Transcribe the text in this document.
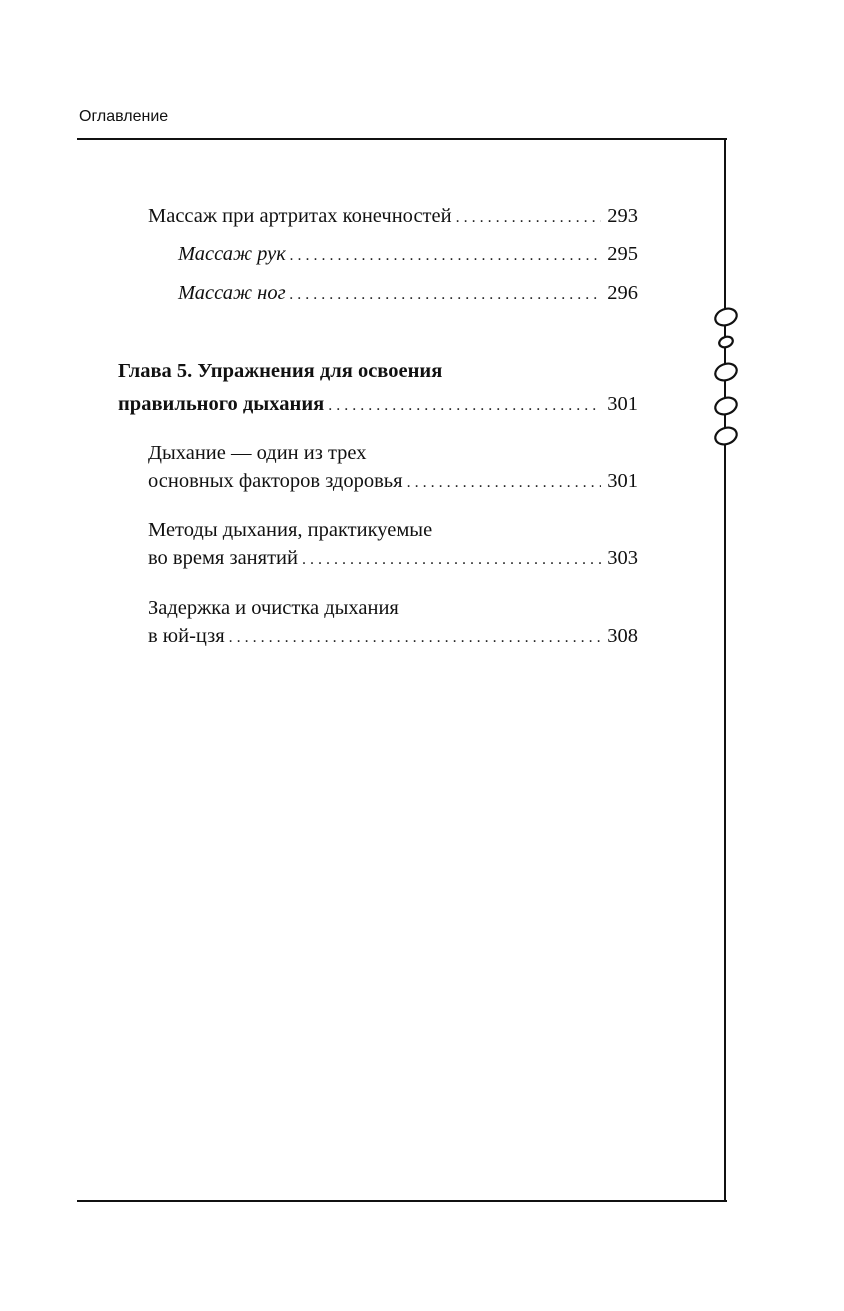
Оглавление
Массаж при артритах конечностей . . .	293
Массаж рук . . .	295
Массаж ног . . .	296
Глава 5. Упражнения для освоения
правильного дыхания . . .	301
Дыхание — один из трех
основных факторов здоровья . . .	301
Методы дыхания, практикуемые
во время занятий . . .	303
Задержка и очистка дыхания
в юй-цзя . . .	308
